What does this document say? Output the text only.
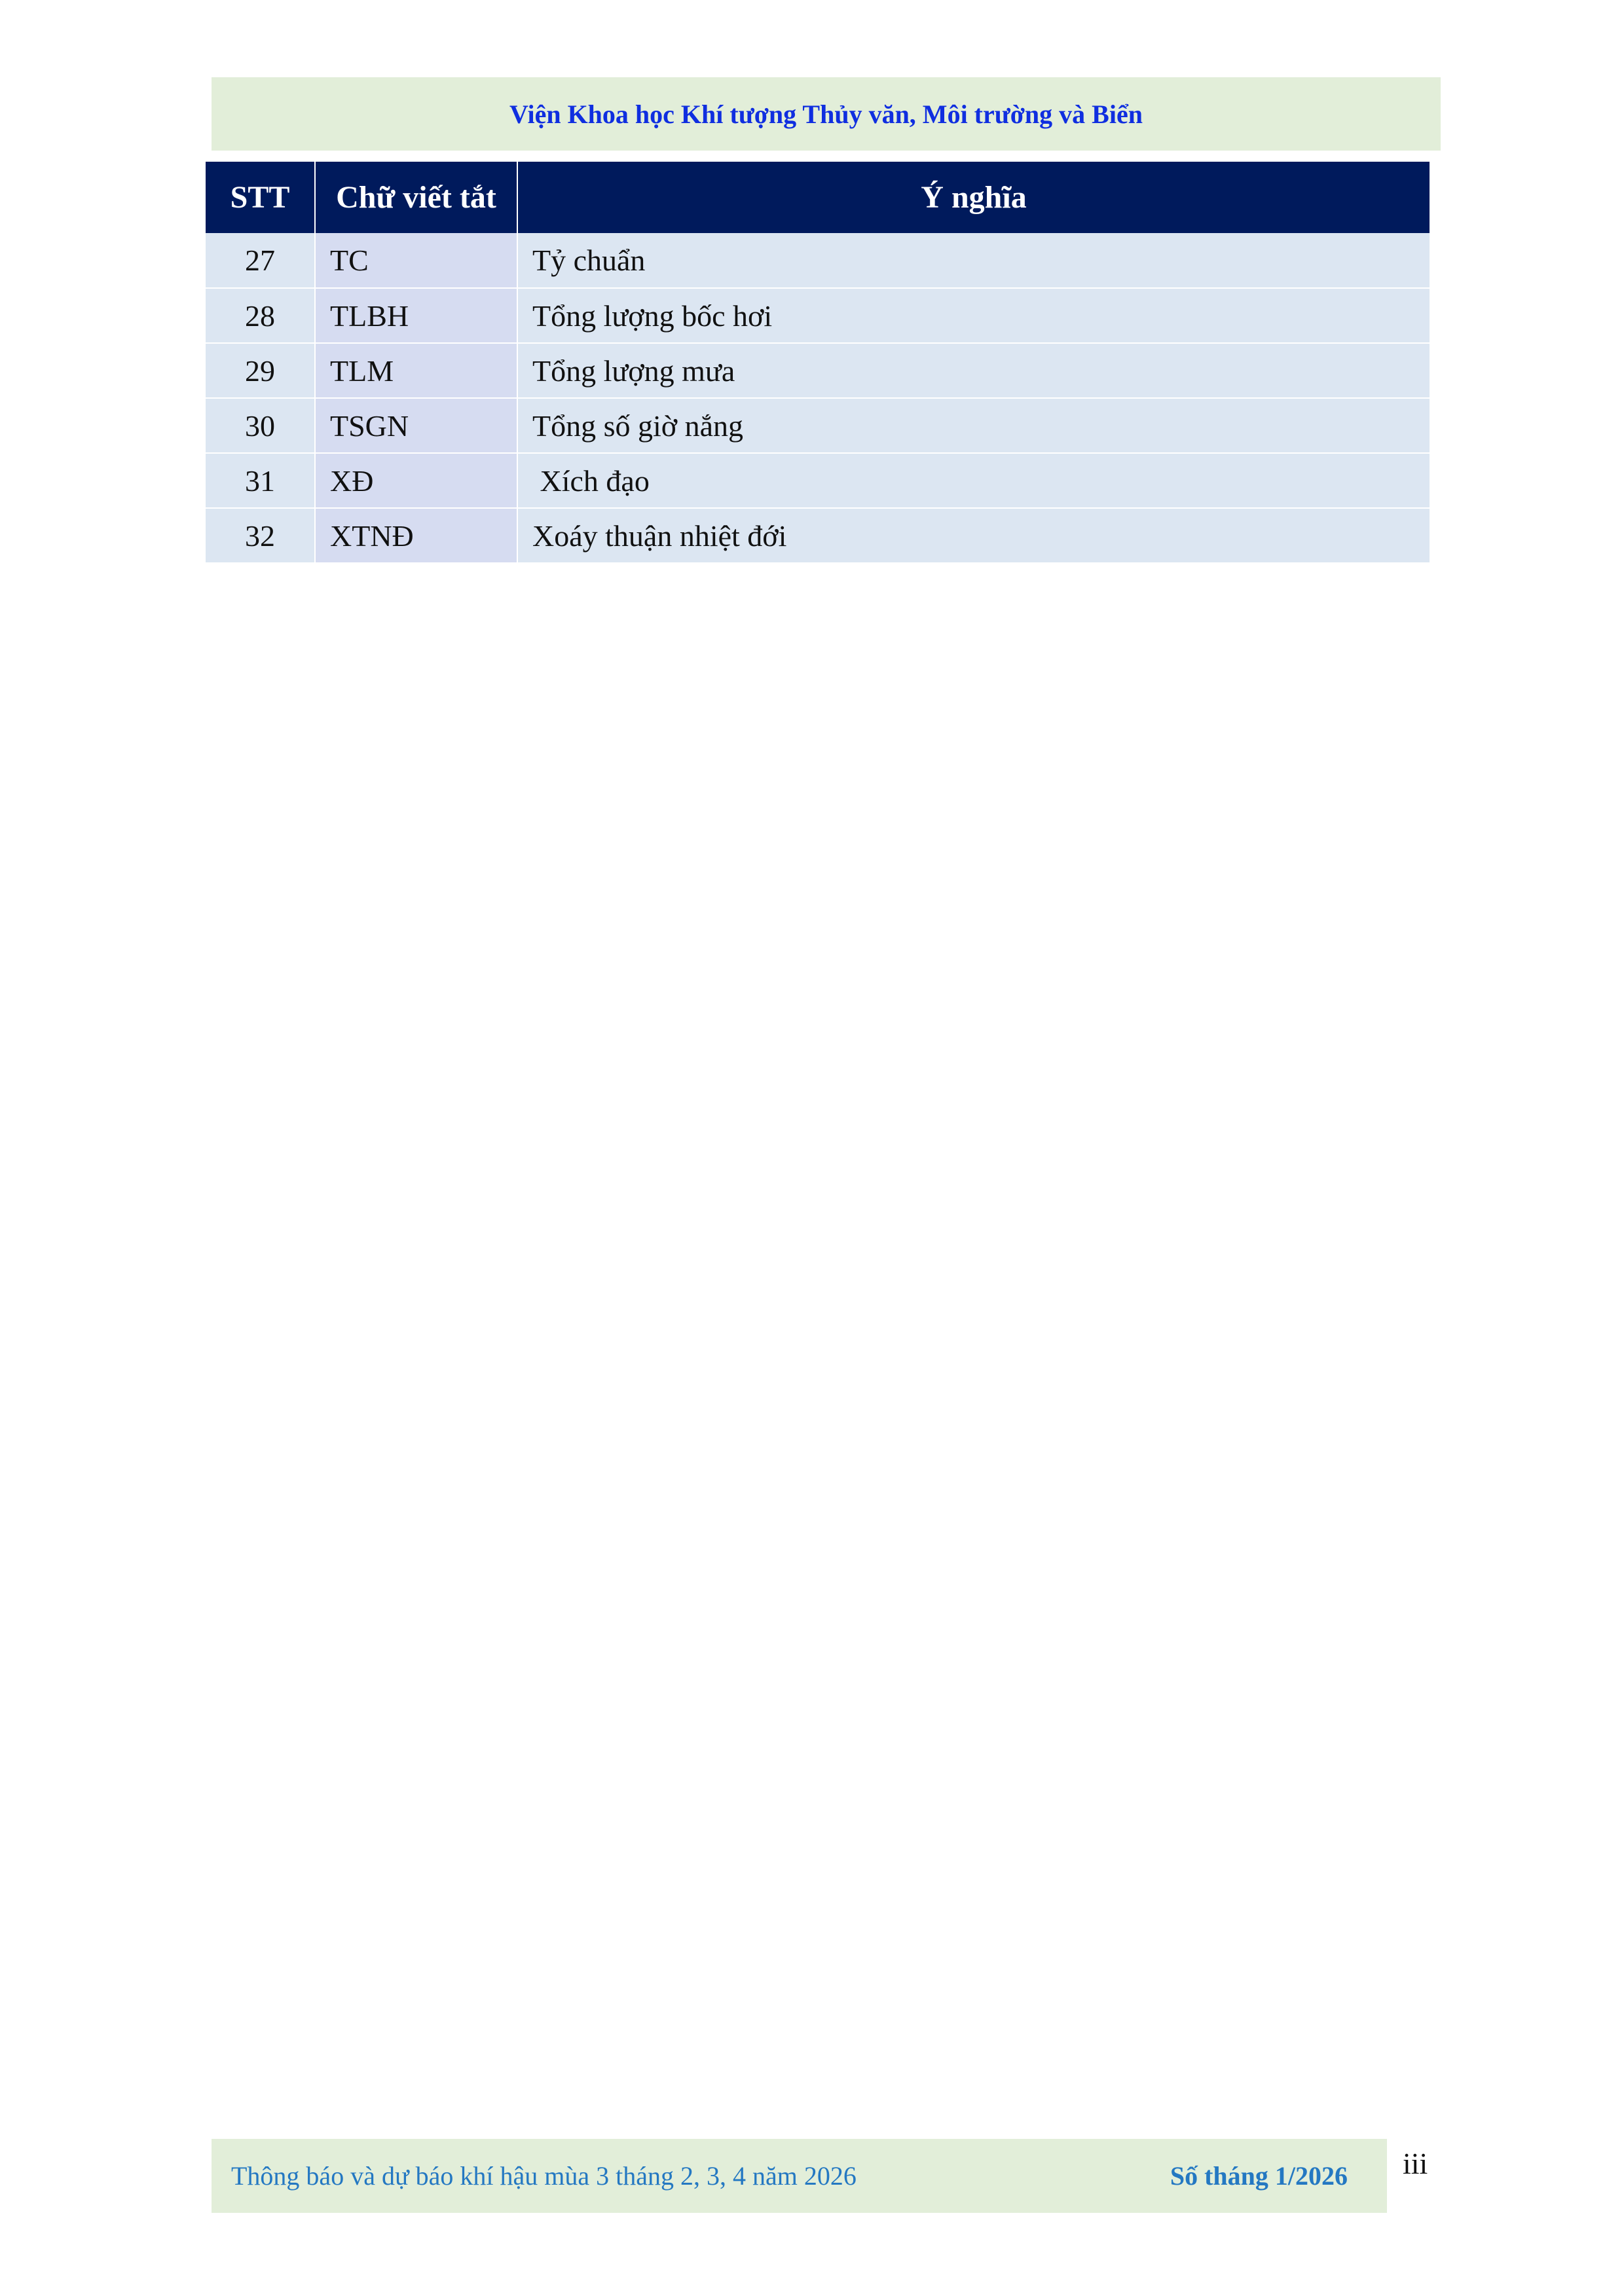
Viện Khoa học Khí tượng Thủy văn, Môi trường và Biển
STT	Chữ viết tắt	Ý nghĩa
27	TC	Tỷ chuẩn
28	TLBH	Tổng lượng bốc hơi
29	TLM	Tổng lượng mưa
30	TSGN	Tổng số giờ nắng
31	XĐ	Xích đạo
32	XTNĐ	Xoáy thuận nhiệt đới
Thông báo và dự báo khí hậu mùa 3 tháng 2, 3, 4 năm 2026	Số tháng 1/2026 iii
